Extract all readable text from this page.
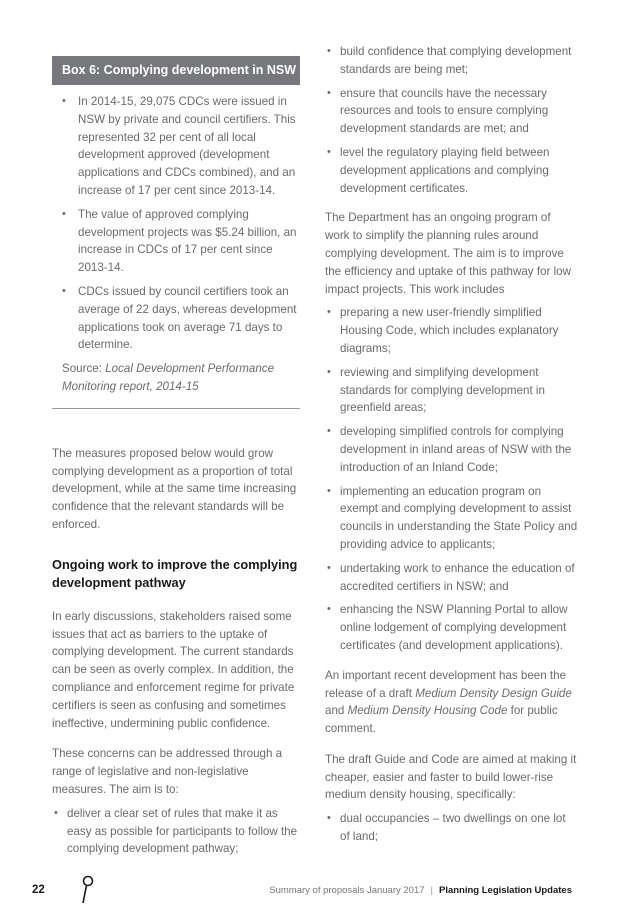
Box 6: Complying development in NSW
• In 2014-15, 29,075 CDCs were issued in NSW by private and council certifiers. This represented 32 per cent of all local development approved (development applications and CDCs combined), and an increase of 17 per cent since 2013-14.
• The value of approved complying development projects was $5.24 billion, an increase in CDCs of 17 per cent since 2013-14.
• CDCs issued by council certifiers took an average of 22 days, whereas development applications took on average 71 days to determine.
Source: Local Development Performance Monitoring report, 2014-15

The measures proposed below would grow complying development as a proportion of total development, while at the same time increasing confidence that the relevant standards will be enforced.

Ongoing work to improve the complying development pathway

In early discussions, stakeholders raised some issues that act as barriers to the uptake of complying development. The current standards can be seen as overly complex. In addition, the compliance and enforcement regime for private certifiers is seen as confusing and sometimes ineffective, undermining public confidence.

These concerns can be addressed through a range of legislative and non-legislative measures. The aim is to:

• deliver a clear set of rules that make it as easy as possible for participants to follow the complying development pathway;
• build confidence that complying development standards are being met;
• ensure that councils have the necessary resources and tools to ensure complying development standards are met; and
• level the regulatory playing field between development applications and complying development certificates.

The Department has an ongoing program of work to simplify the planning rules around complying development. The aim is to improve the efficiency and uptake of this pathway for low impact projects. This work includes

• preparing a new user-friendly simplified Housing Code, which includes explanatory diagrams;
• reviewing and simplifying development standards for complying development in greenfield areas;
• developing simplified controls for complying development in inland areas of NSW with the introduction of an Inland Code;
• implementing an education program on exempt and complying development to assist councils in understanding the State Policy and providing advice to applicants;
• undertaking work to enhance the education of accredited certifiers in NSW; and
• enhancing the NSW Planning Portal to allow online lodgement of complying development certificates (and development applications).

An important recent development has been the release of a draft Medium Density Design Guide and Medium Density Housing Code for public comment.

The draft Guide and Code are aimed at making it cheaper, easier and faster to build lower-rise medium density housing, specifically:

• dual occupancies – two dwellings on one lot of land;
22	Summary of proposals January 2017 | Planning Legislation Updates
